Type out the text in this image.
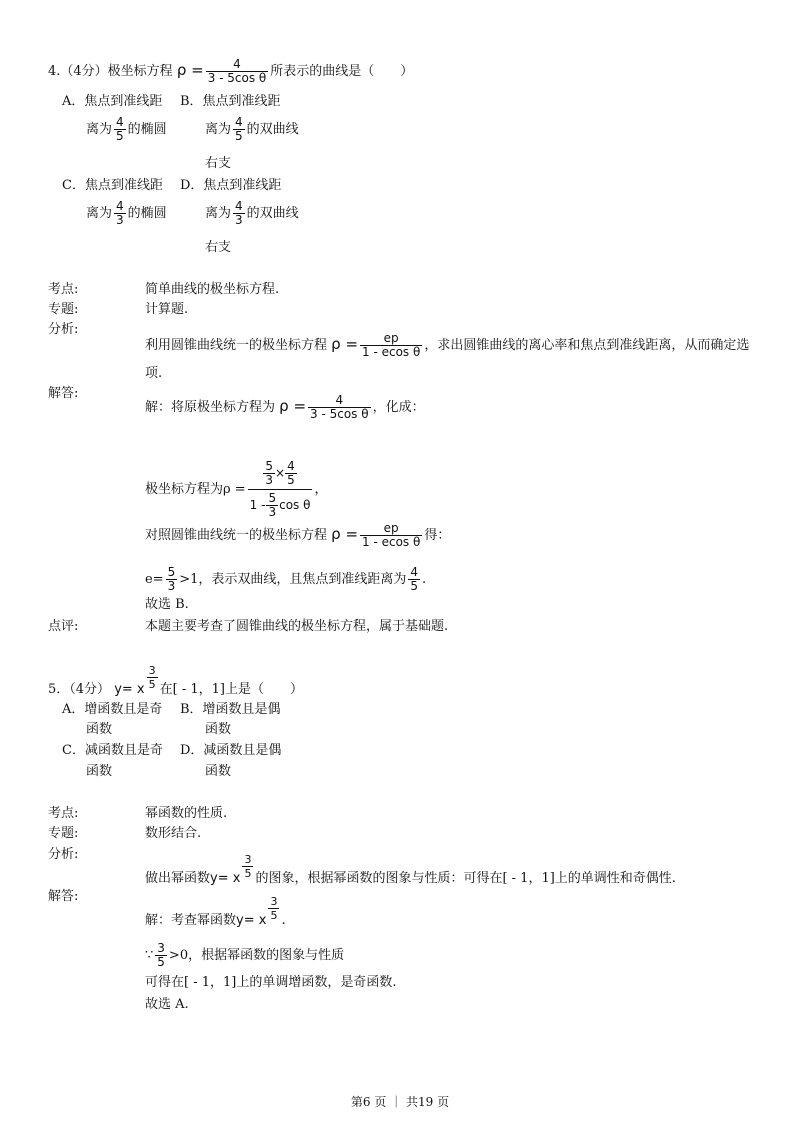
4.（4分）极坐标方程 $\rho = \frac{4}{\text{3 - 5cos θ}}$ 所表示的曲线是（　　）
A．焦点到准线距 B．焦点到准线距
离为 $\frac{4}{5}$ 的椭圆	离为 $\frac{4}{5}$ 的双曲线
右支
C．焦点到准线距 D．焦点到准线距
离为 $\frac{4}{3}$ 的椭圆	离为 $\frac{4}{3}$ 的双曲线
右支
考点:	简单曲线的极坐标方程.
专题:	计算题.
分析:
利用圆锥曲线统一的极坐标方程 $\rho = \frac{ep}{\text{1 - ecos θ}}$ ，求出圆锥曲线的离心率和焦点到准线距离，从而确定选
项.
解答:
解：将原极坐标方程为 $\rho = \frac{4}{\text{3 - 5cos θ}}$ ，化成：
极坐标方程为$\rho = \frac{\frac{5}{3} \times \frac{4}{5}}{1 - \frac{5}{3} \cos \theta}$ ，
对照圆锥曲线统一的极坐标方程 $\rho = \frac{ep}{\text{1 - ecos θ}}$ 得：
$e= \frac{5}{3} >1$，表示双曲线，且焦点到准线距离为 $\frac{4}{5}$ .
故选 B.
点评:	本题主要考查了圆锥曲线的极坐标方程，属于基础题.
5．（4分） y= x $\frac{3}{5}$ 在[ - 1，1]上是（　　）
A．增函数且是奇 B．增函数且是偶
函数	函数
C．减函数且是奇 D．减函数且是偶
函数	函数
考点:	幂函数的性质.
专题:	数形结合.
分析:
做出幂函数y= x $\frac{3}{5}$ 的图象，根据幂函数的图象与性质：可得在[ - 1，1]上的单调性和奇偶性.
解答:
解：考查幂函数y= x $\frac{3}{5}$ .
∵ $\frac{3}{5} >0$，根据幂函数的图象与性质
可得在[ - 1，1]上的单调增函数，是奇函数.
故选 A.
第6 页 ｜ 共19 页
